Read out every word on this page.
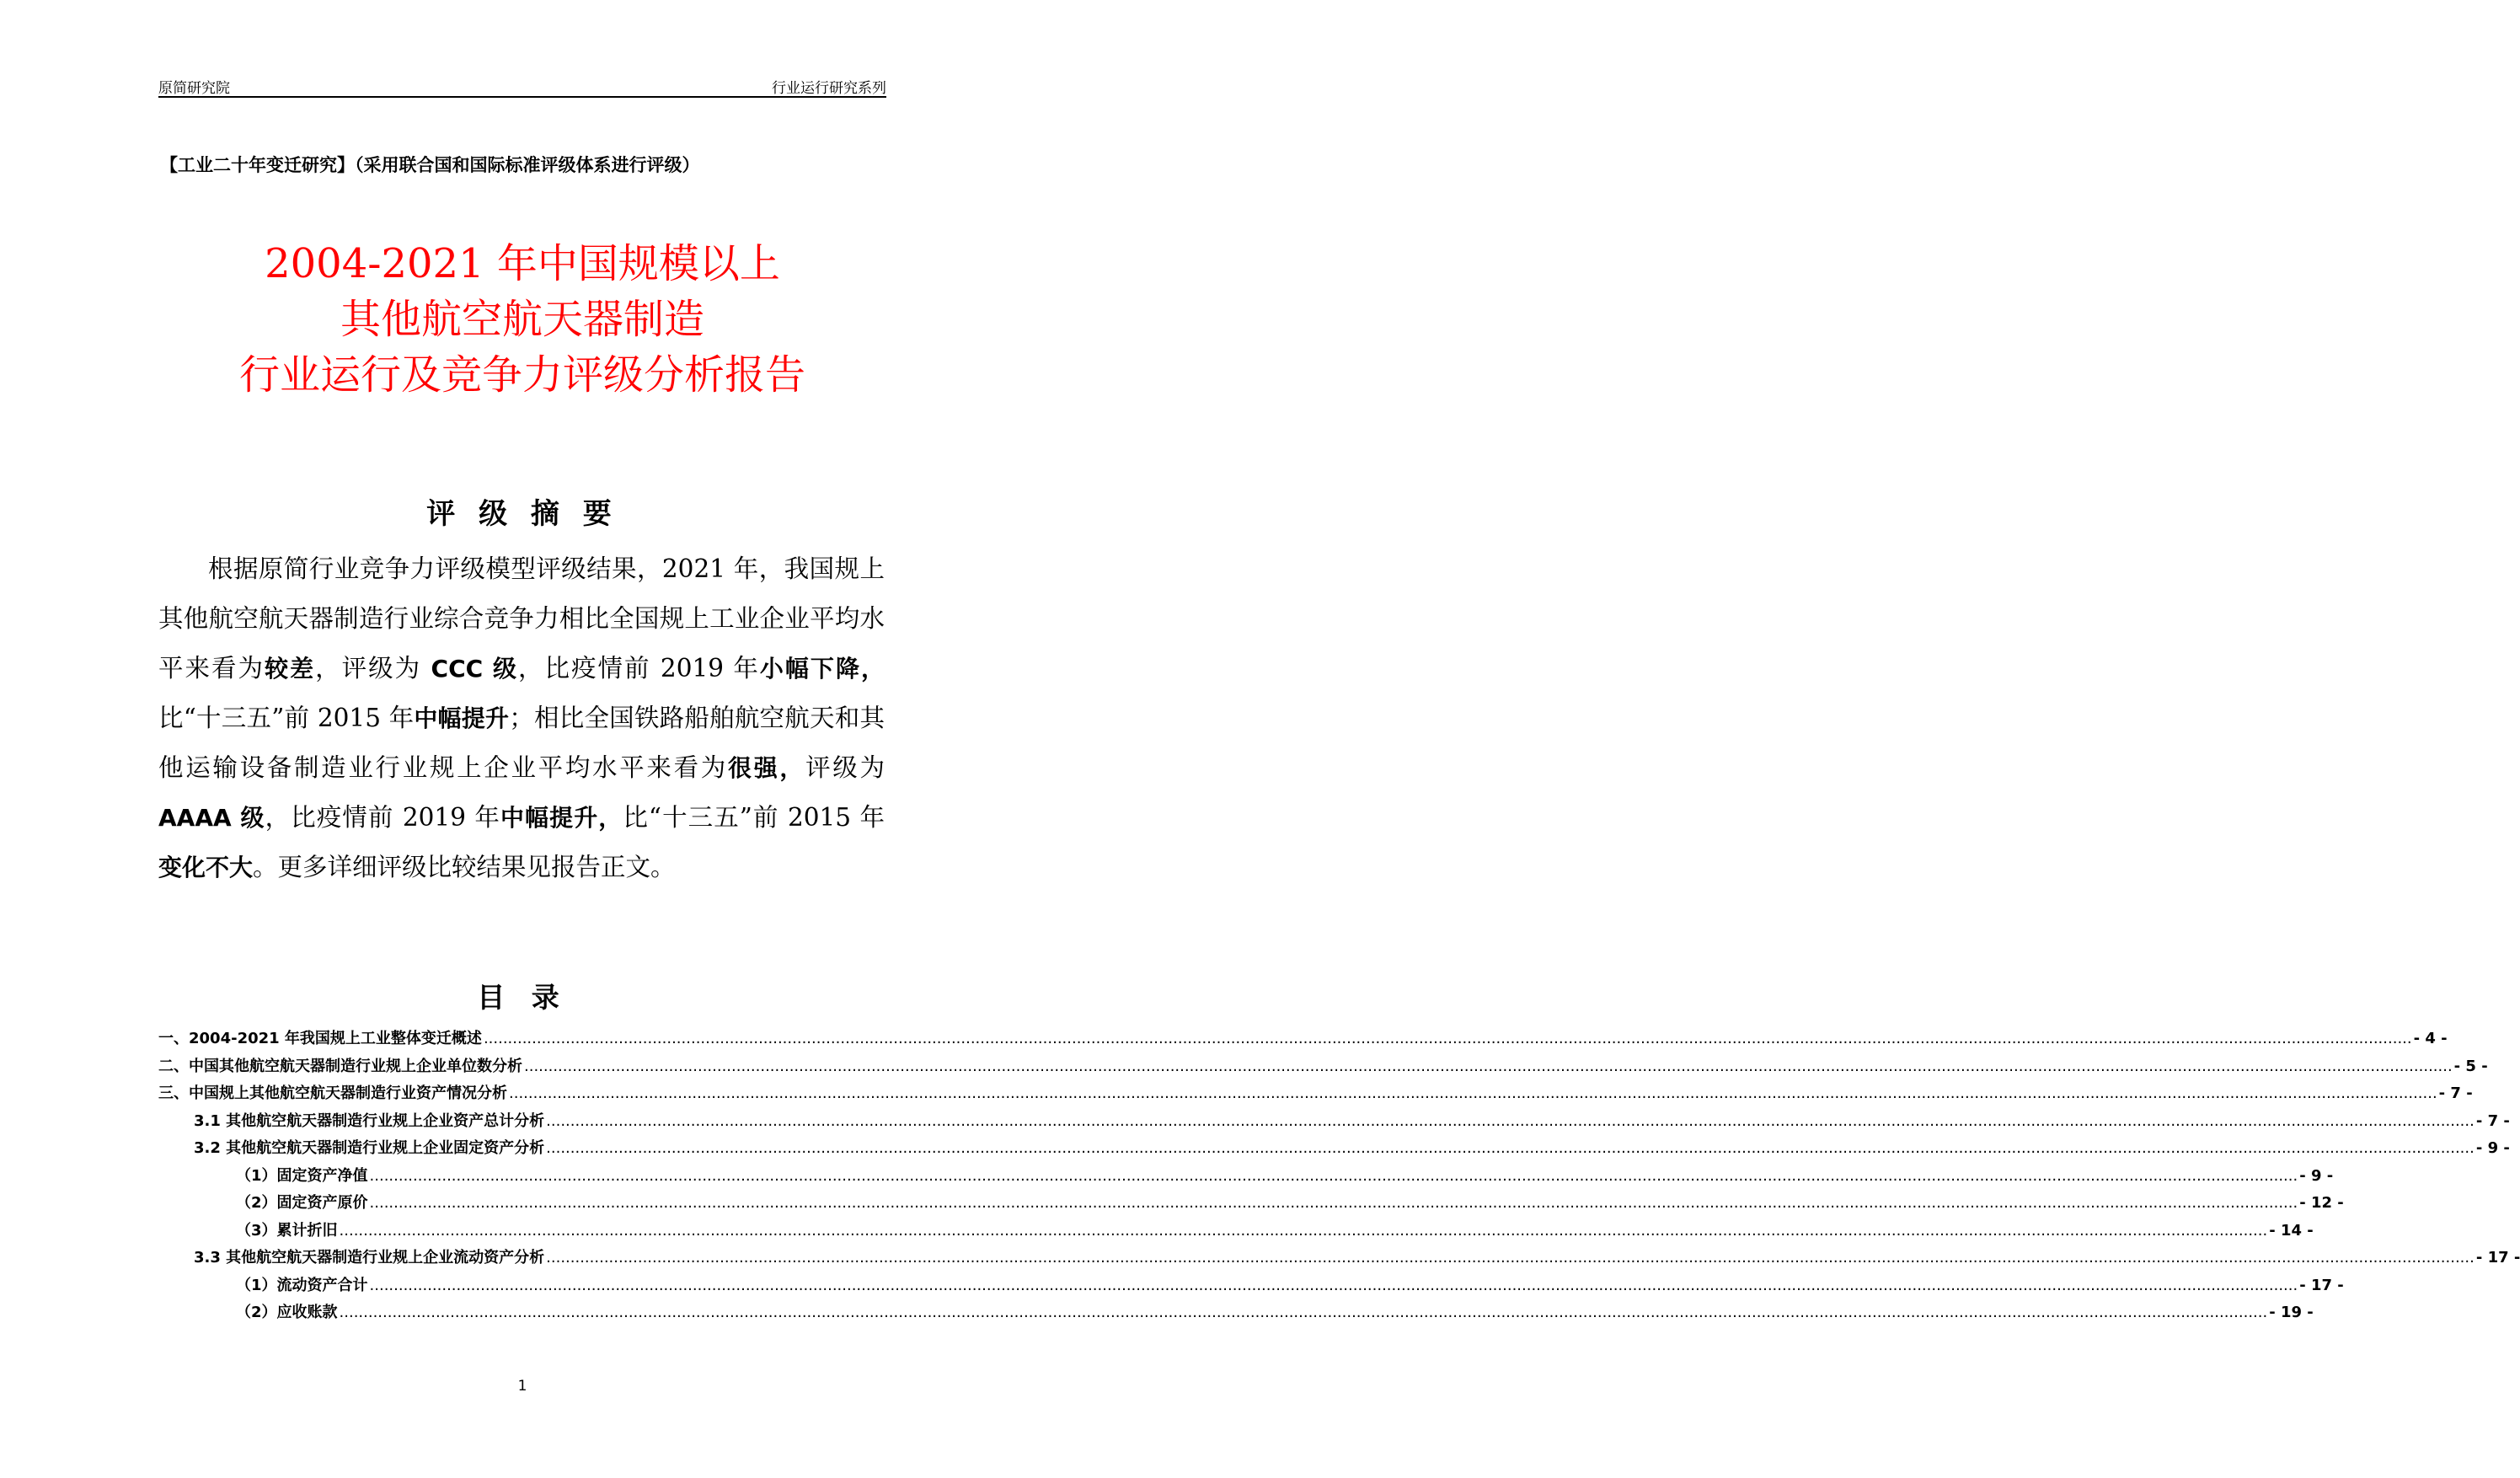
原简研究院	行业运行研究系列
【工业二十年变迁研究】（采用联合国和国际标准评级体系进行评级）
2004-2021 年中国规模以上
其他航空航天器制造
行业运行及竞争力评级分析报告
评 级 摘 要

根据原简行业竞争力评级模型评级结果，2021 年，我国规上其他航空航天器制造行业综合竞争力相比全国规上工业企业平均水平来看为较差，评级为 CCC 级，比疫情前 2019 年小幅下降，比“十三五”前 2015 年中幅提升；相比全国铁路船舶航空航天和其他运输设备制造业行业规上企业平均水平来看为很强，评级为 AAAA 级，比疫情前 2019 年中幅提升，比“十三五”前 2015 年变化不大。更多详细评级比较结果见报告正文。

目 录
一、2004-2021 年我国规上工业整体变迁概述 ................................................................................................................................................................................................................................................................................................................................................................................................................ - 4 -
二、中国其他航空航天器制造行业规上企业单位数分析 ................................................................................................................................................................................................................................................................................................................................................................................................................ - 5 -
三、中国规上其他航空航天器制造行业资产情况分析 ................................................................................................................................................................................................................................................................................................................................................................................................................ - 7 -
3.1 其他航空航天器制造行业规上企业资产总计分析 ................................................................................................................................................................................................................................................................................................................................................................................................................ - 7 -
3.2 其他航空航天器制造行业规上企业固定资产分析 ................................................................................................................................................................................................................................................................................................................................................................................................................ - 9 -
（1）固定资产净值 ................................................................................................................................................................................................................................................................................................................................................................................................................ - 9 -
（2）固定资产原价 ................................................................................................................................................................................................................................................................................................................................................................................................................ - 12 -
（3）累计折旧 ................................................................................................................................................................................................................................................................................................................................................................................................................ - 14 -
3.3 其他航空航天器制造行业规上企业流动资产分析 ................................................................................................................................................................................................................................................................................................................................................................................................................ - 17 -
（1）流动资产合计 ................................................................................................................................................................................................................................................................................................................................................................................................................ - 17 -
（2）应收账款 ................................................................................................................................................................................................................................................................................................................................................................................................................ - 19 -
1
